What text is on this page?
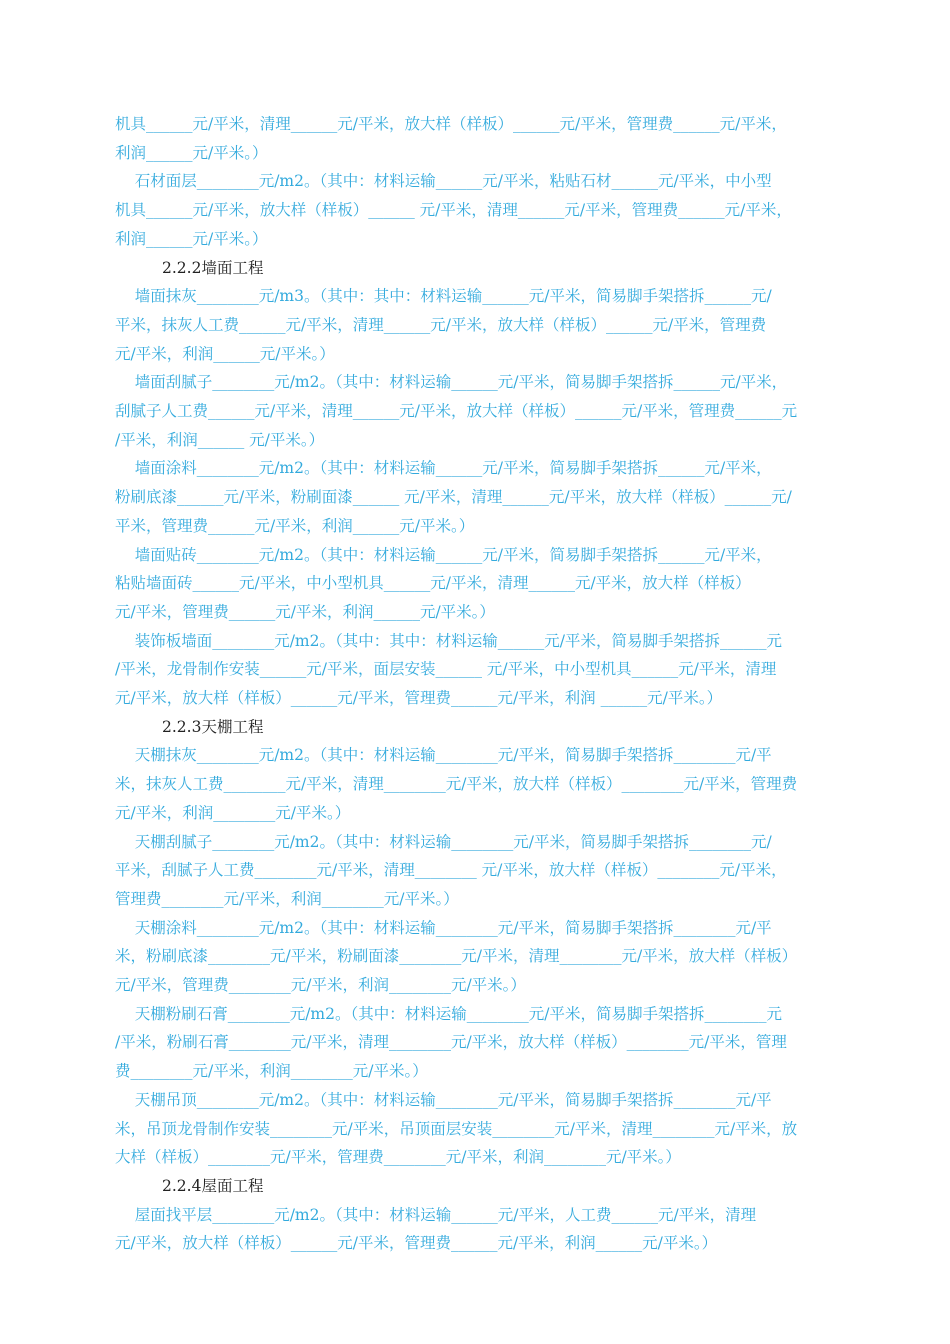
机具______元/平米，清理______元/平米，放大样（样板）______元/平米，管理费______元/平米，
利润______元/平米。）
石材面层________元/m2。（其中：材料运输______元/平米，粘贴石材______元/平米，中小型
机具______元/平米，放大样（样板）______ 元/平米，清理______元/平米，管理费______元/平米，
利润______元/平米。）
2.2.2墙面工程
墙面抹灰________元/m3。（其中：其中：材料运输______元/平米，简易脚手架搭拆______元/
平米，抹灰人工费______元/平米，清理______元/平米，放大样（样板）______元/平米，管理费
元/平米，利润______元/平米。）
墙面刮腻子________元/m2。（其中：材料运输______元/平米，简易脚手架搭拆______元/平米，
刮腻子人工费______元/平米，清理______元/平米，放大样（样板）______元/平米，管理费______元
/平米，利润______ 元/平米。）
墙面涂料________元/m2。（其中：材料运输______元/平米，简易脚手架搭拆______元/平米，
粉刷底漆______元/平米，粉刷面漆______ 元/平米，清理______元/平米，放大样（样板）______元/
平米，管理费______元/平米，利润______元/平米。）
墙面贴砖________元/m2。（其中：材料运输______元/平米，简易脚手架搭拆______元/平米，
粘贴墙面砖______元/平米，中小型机具______元/平米，清理______元/平米，放大样（样板）
元/平米，管理费______元/平米，利润______元/平米。）
装饰板墙面________元/m2。（其中：其中：材料运输______元/平米，简易脚手架搭拆______元
/平米，龙骨制作安装______元/平米，面层安装______ 元/平米，中小型机具______元/平米，清理
元/平米，放大样（样板）______元/平米，管理费______元/平米，利润 ______元/平米。）
2.2.3天棚工程
天棚抹灰________元/m2。（其中：材料运输________元/平米，简易脚手架搭拆________元/平
米，抹灰人工费________元/平米，清理________元/平米，放大样（样板）________元/平米，管理费
元/平米，利润________元/平米。）
天棚刮腻子________元/m2。（其中：材料运输________元/平米，简易脚手架搭拆________元/
平米，刮腻子人工费________元/平米，清理________ 元/平米，放大样（样板）________元/平米，
管理费________元/平米，利润________元/平米。）
天棚涂料________元/m2。（其中：材料运输________元/平米，简易脚手架搭拆________元/平
米，粉刷底漆________元/平米，粉刷面漆________元/平米，清理________元/平米，放大样（样板）
元/平米，管理费________元/平米，利润________元/平米。）
天棚粉刷石膏________元/m2。（其中：材料运输________元/平米，简易脚手架搭拆________元
/平米，粉刷石膏________元/平米，清理________元/平米，放大样（样板）________元/平米，管理
费________元/平米，利润________元/平米。）
天棚吊顶________元/m2。（其中：材料运输________元/平米，简易脚手架搭拆________元/平
米，吊顶龙骨制作安装________元/平米，吊顶面层安装________元/平米，清理________元/平米，放
大样（样板）________元/平米，管理费________元/平米，利润________元/平米。）
2.2.4屋面工程
屋面找平层________元/m2。（其中：材料运输______元/平米，人工费______元/平米，清理
元/平米，放大样（样板）______元/平米，管理费______元/平米，利润______元/平米。）
